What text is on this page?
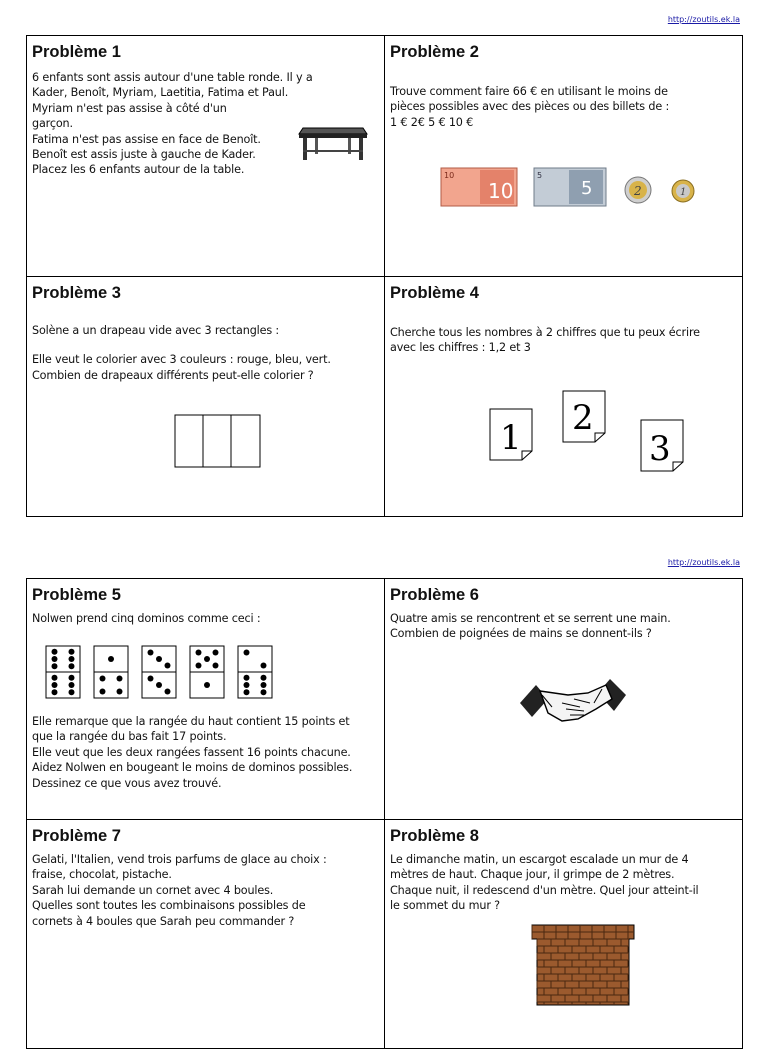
http://zoutils.ek.la
Problème 1

6 enfants sont assis autour d'une table ronde. Il y a
Kader, Benoît, Myriam, Laetitia, Fatima et Paul.
Myriam n'est pas assise à côté d'un
garçon.
Fatima n'est pas assise en face de Benoît.
Benoît est assis juste à gauche de Kader.
Placez les 6 enfants autour de la table.

Problème 2

Trouve comment faire 66 € en utilisant le moins de
pièces possibles avec des pièces ou des billets de :
1 € 2€ 5 € 10 €

10
10
5
5	2	1
Problème 3

Solène a un drapeau vide avec 3 rectangles :

Elle veut le colorier avec 3 couleurs : rouge, bleu, vert.
Combien de drapeaux différents peut-elle colorier ?

Problème 4

Cherche tous les nombres à 2 chiffres que tu peux écrire
avec les chiffres : 1,2 et 3

1 2
3
http://zoutils.ek.la
Problème 5

Nolwen prend cinq dominos comme ceci :

Elle remarque que la rangée du haut contient 15 points et
que la rangée du bas fait 17 points.
Elle veut que les deux rangées fassent 16 points chacune.
Aidez Nolwen en bougeant le moins de dominos possibles.
Dessinez ce que vous avez trouvé.

Problème 6

Quatre amis se rencontrent et se serrent une main.
Combien de poignées de mains se donnent-ils ?

Problème 7

Gelati, l'Italien, vend trois parfums de glace au choix :
fraise, chocolat, pistache.
Sarah lui demande un cornet avec 4 boules.
Quelles sont toutes les combinaisons possibles de
cornets à 4 boules que Sarah peu commander ?

Problème 8

Le dimanche matin, un escargot escalade un mur de 4
mètres de haut. Chaque jour, il grimpe de 2 mètres.
Chaque nuit, il redescend d'un mètre. Quel jour atteint-il
le sommet du mur ?
